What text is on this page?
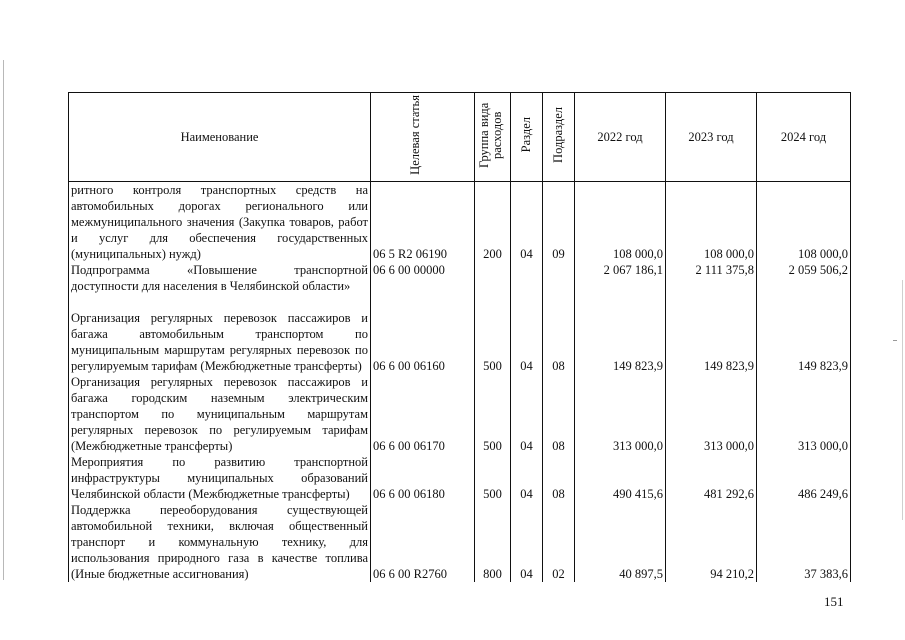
Наименование	Целевая статья	Группа вида расходов	Раздел	Подраздел	2022 год	2023 год	2024 год
ритного контроля транспортных средств на автомобильных дорогах регионального или межмуниципального значения (Закупка товаров, работ и услуг для обеспечения государственных (муниципальных) нужд)	06 5 R2 06190	200	04	09	108 000,0	108 000,0	108 000,0
Подпрограмма «Повышение транспортной доступности для населения в Челябинской области»	06 6 00 00000				2 067 186,1	2 111 375,8	2 059 506,2
Организация регулярных перевозок пассажиров и багажа автомобильным транспортом по муниципальным маршрутам регулярных перевозок по регулируемым тарифам (Межбюджетные трансферты)	06 6 00 06160	500	04	08	149 823,9	149 823,9	149 823,9
Организация регулярных перевозок пассажиров и багажа городским наземным электрическим транспортом по муниципальным маршрутам регулярных перевозок по регулируемым тарифам (Межбюджетные трансферты)	06 6 00 06170	500	04	08	313 000,0	313 000,0	313 000,0
Мероприятия по развитию транспортной инфраструктуры муниципальных образований Челябинской области (Межбюджетные трансферты)	06 6 00 06180	500	04	08	490 415,6	481 292,6	486 249,6
Поддержка переоборудования существующей автомобильной техники, включая общественный транспорт и коммунальную технику, для использования природного газа в качестве топлива (Иные бюджетные ассигнования)	06 6 00 R2760	800	04	02	40 897,5	94 210,2	37 383,6
151
